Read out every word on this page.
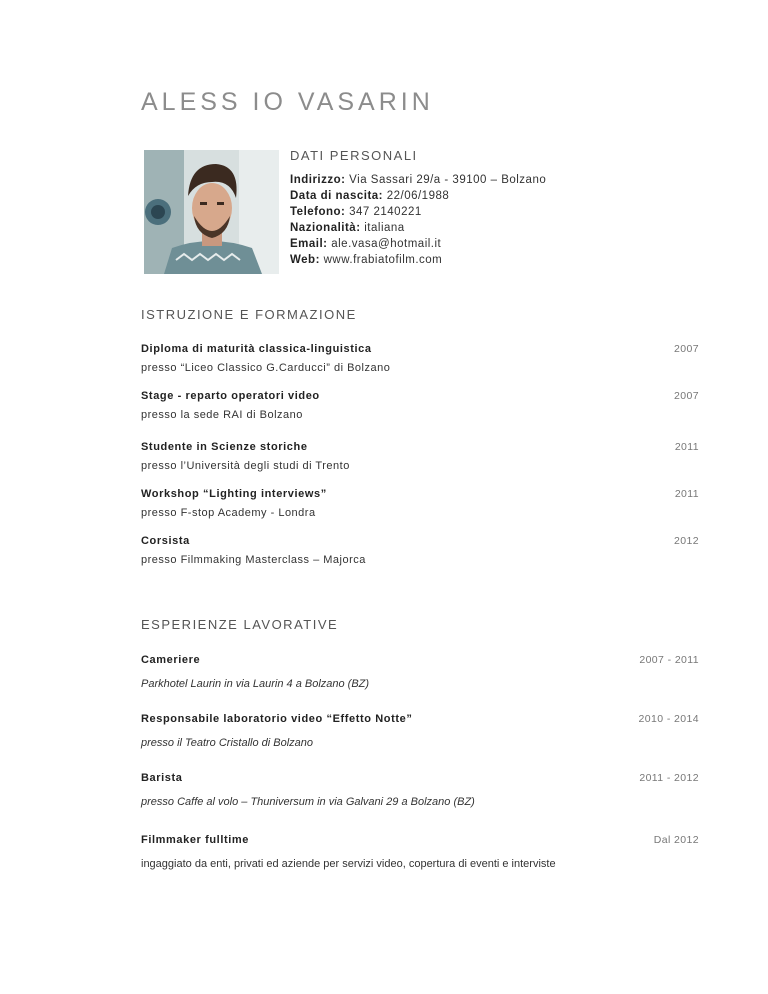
ALESS IO VASARIN
DATI PERSONALI
Indirizzo: Via Sassari 29/a - 39100 – Bolzano
Data di nascita: 22/06/1988
Telefono: 347 2140221
Nazionalità: italiana
Email: ale.vasa@hotmail.it
Web: www.frabiatofilm.com
ISTRUZIONE E FORMAZIONE
Diploma di maturità classica-linguistica	2007
presso “Liceo Classico G.Carducci” di Bolzano
Stage - reparto operatori video	2007
presso la sede RAI di Bolzano
Studente in Scienze storiche	2011
presso l’Università degli studi di Trento
Workshop “Lighting interviews”	2011
presso F-stop Academy - Londra
Corsista	2012
presso Filmmaking Masterclass – Majorca
ESPERIENZE LAVORATIVE
Cameriere	2007 - 2011
Parkhotel Laurin in via Laurin 4 a Bolzano (BZ)
Responsabile laboratorio video “Effetto Notte”	2010 - 2014
presso il Teatro Cristallo di Bolzano
Barista	2011 - 2012
presso Caffe al volo – Thuniversum in via Galvani 29 a Bolzano (BZ)
Filmmaker fulltime	Dal 2012
ingaggiato da enti, privati ed aziende per servizi video, copertura di eventi e interviste
